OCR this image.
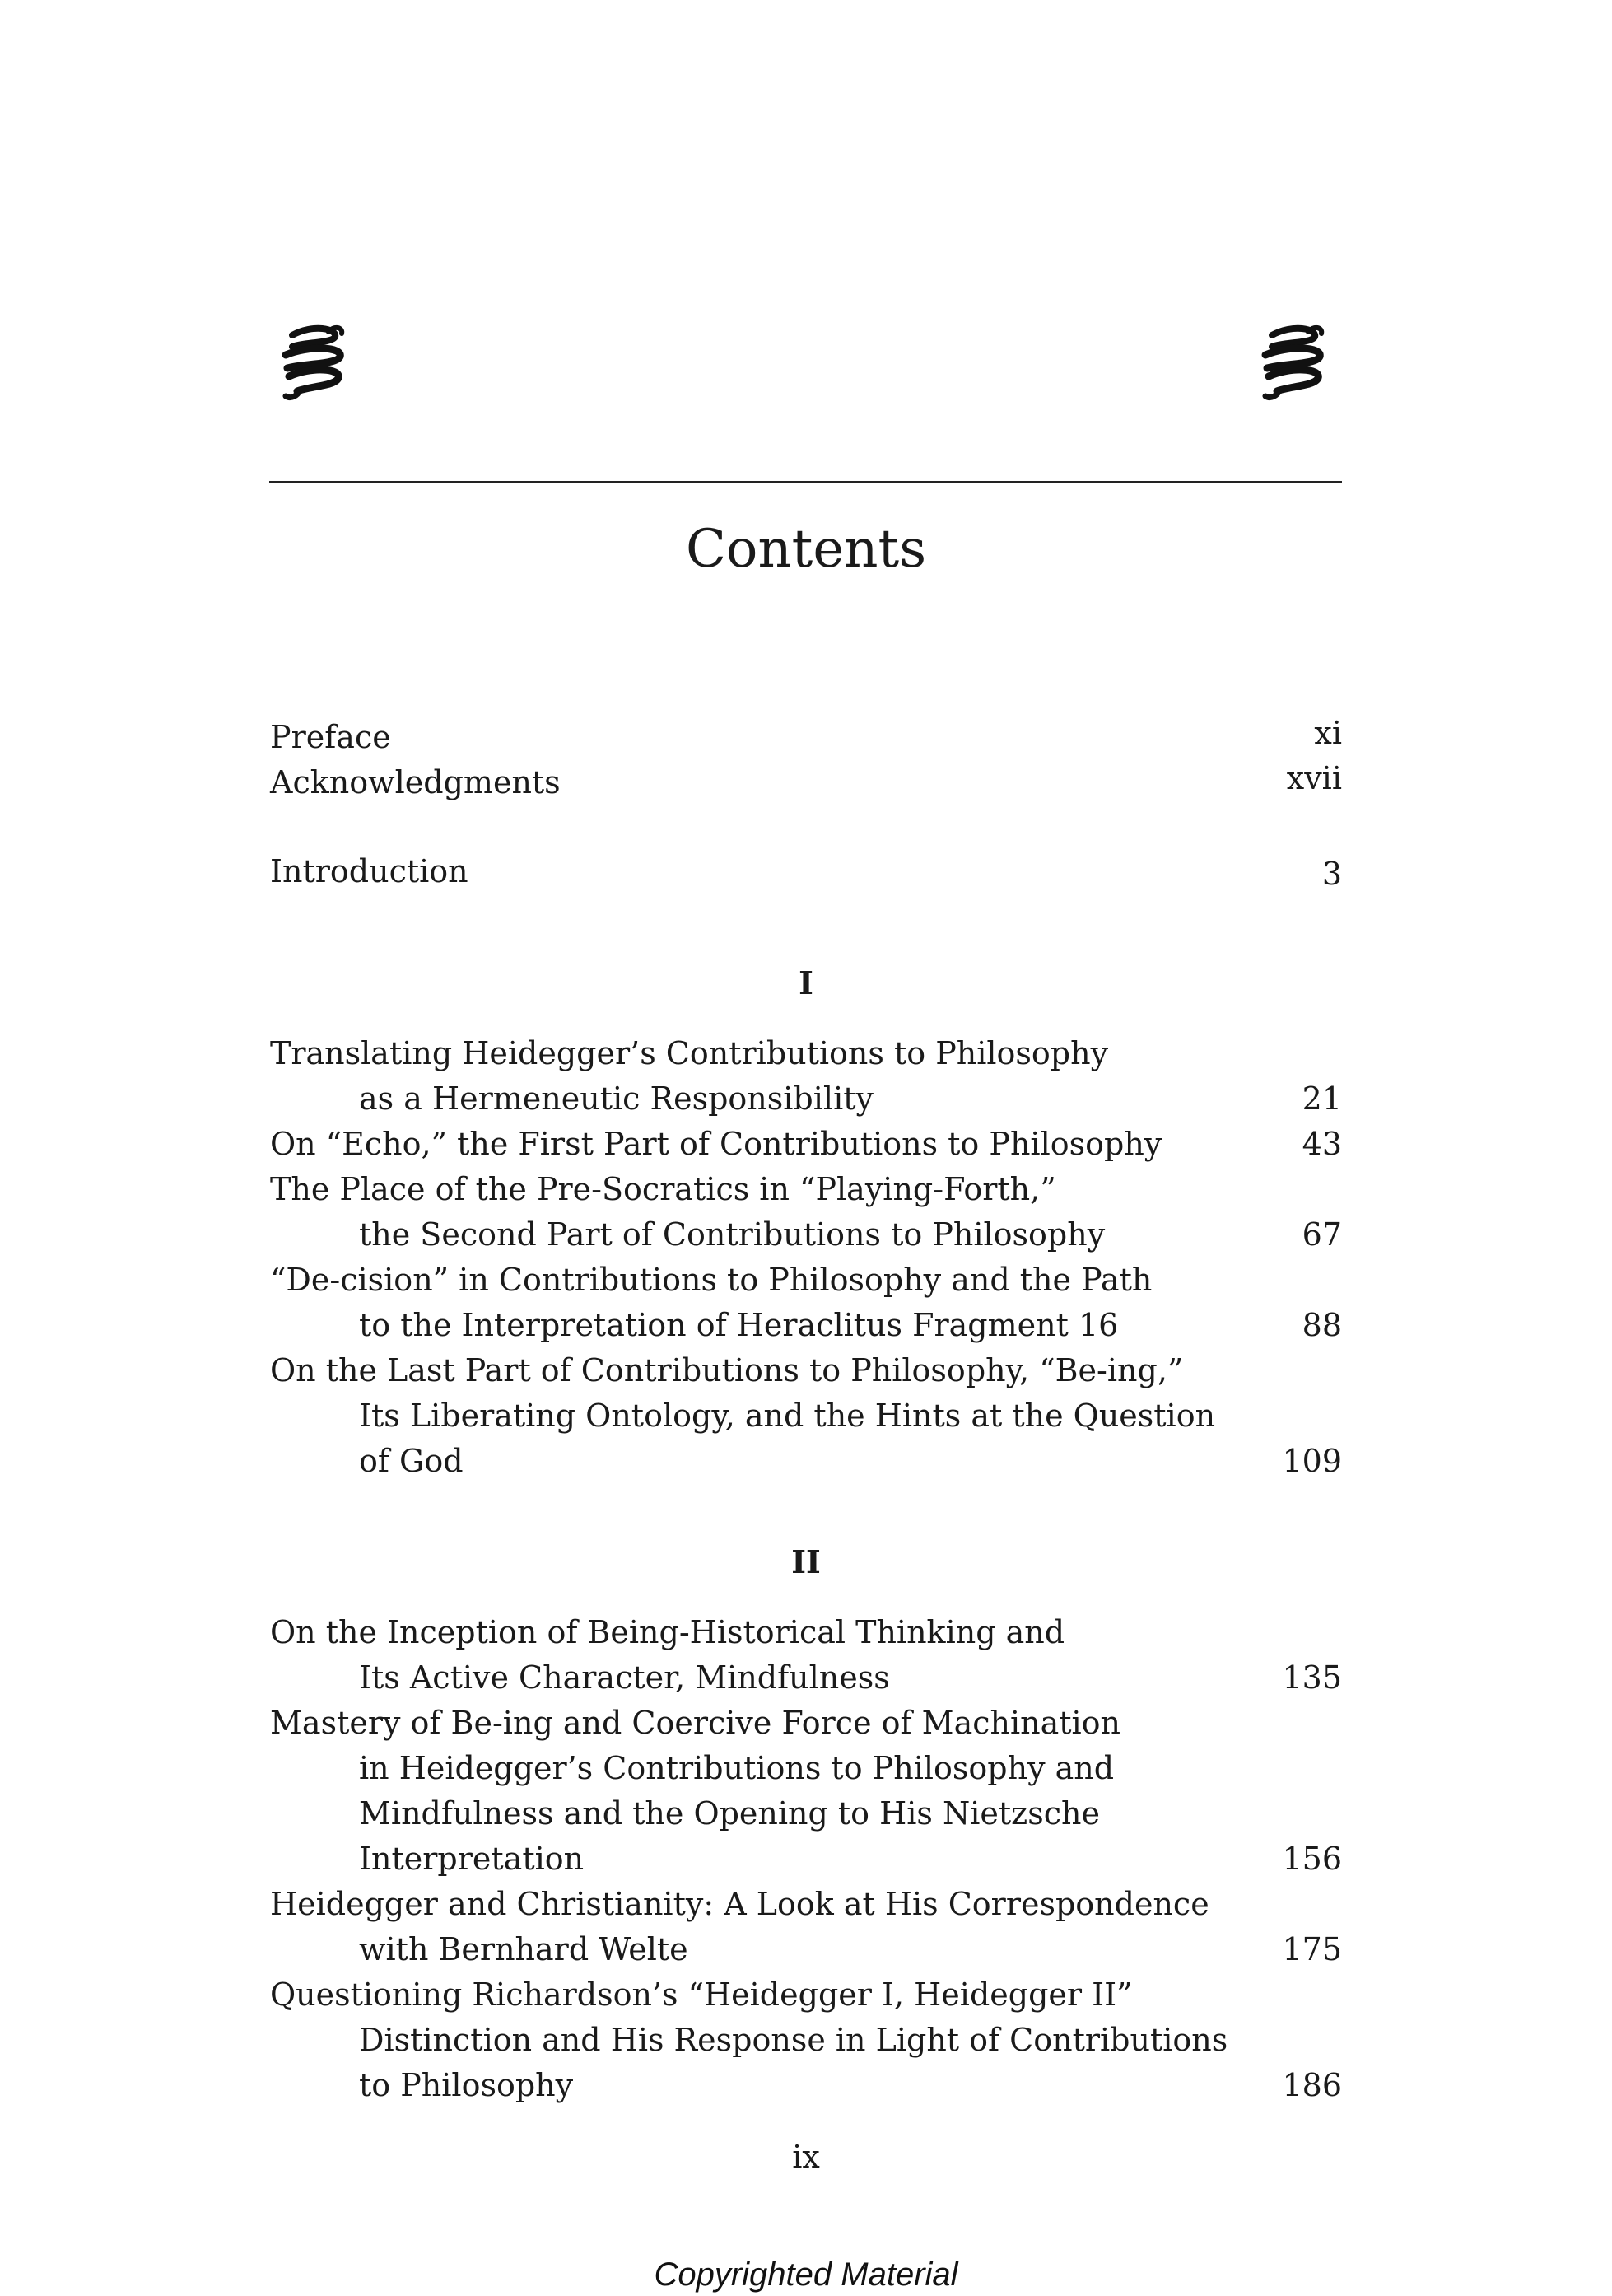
Contents
Preface	xi
Acknowledgments	xvii
Introduction	3
I
Translating Heidegger’s Contributions to Philosophy
as a Hermeneutic Responsibility	21
On “Echo,” the First Part of Contributions to Philosophy	43
The Place of the Pre-Socratics in “Playing-Forth,”
the Second Part of Contributions to Philosophy	67
“De-cision” in Contributions to Philosophy and the Path
to the Interpretation of Heraclitus Fragment 16	88
On the Last Part of Contributions to Philosophy, “Be-ing,”
Its Liberating Ontology, and the Hints at the Question
of God	109
II
On the Inception of Being-Historical Thinking and
Its Active Character, Mindfulness	135
Mastery of Be-ing and Coercive Force of Machination
in Heidegger’s Contributions to Philosophy and
Mindfulness and the Opening to His Nietzsche
Interpretation	156
Heidegger and Christianity: A Look at His Correspondence
with Bernhard Welte	175
Questioning Richardson’s “Heidegger I, Heidegger II”
Distinction and His Response in Light of Contributions
to Philosophy	186
ix
Copyrighted Material
